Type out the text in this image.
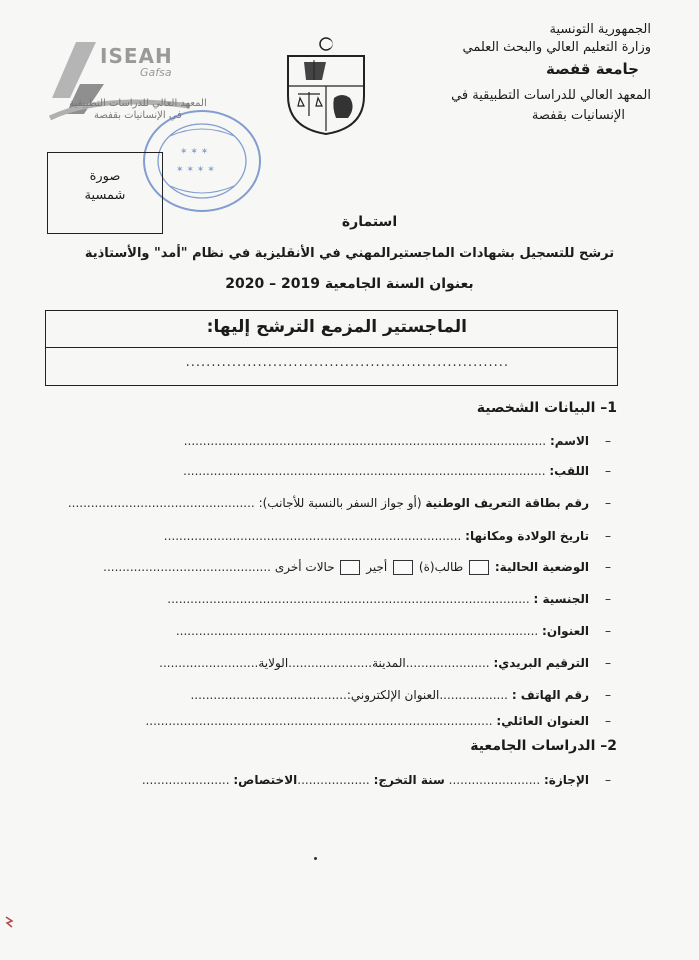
الجمهورية التونسية
وزارة التعليم العالي والبحث العلمي
جامعة قفصة
المعهد العالي للدراسات التطبيقية في
الإنسانيات بقفصة
ISEAH
Gafsa
المعهد العالي للدراسات التطبيقية
في الإنسانيات بقفصة
✶ ✶ ✶
✶ ✶ ✶ ✶
صورة
شمسية
استمارة
ترشح للتسجيل بشهادات الماجستيرالمهني في الأنقليزية في نظام "أمد" والأستاذية
بعنوان السنة الجامعية 2019 – 2020
الماجستير المزمع الترشح إليها:
...............................................................
1– البيانات الشخصية
–الاسم: ...............................................................................................
–اللقب: ...............................................................................................
–رقم بطاقة التعريف الوطنية (أو جواز السفر بالنسبة للأجانب): .................................................
–تاريخ الولادة ومكانها: ..............................................................................
–الوضعية الحالية:  طالب(ة)  أجير  حالات أخرى ............................................
–الجنسية : ...............................................................................................
–العنوان: ...............................................................................................
–الترقيم البريدي: ......................المدينة......................الولاية..........................
–رقم الهاتف : ..................العنوان الإلكتروني:.........................................
–العنوان العائلي: ...........................................................................................
2– الدراسات الجامعية
–الإجازة: ........................ سنة التخرج: ...................الاختصاص: .......................
